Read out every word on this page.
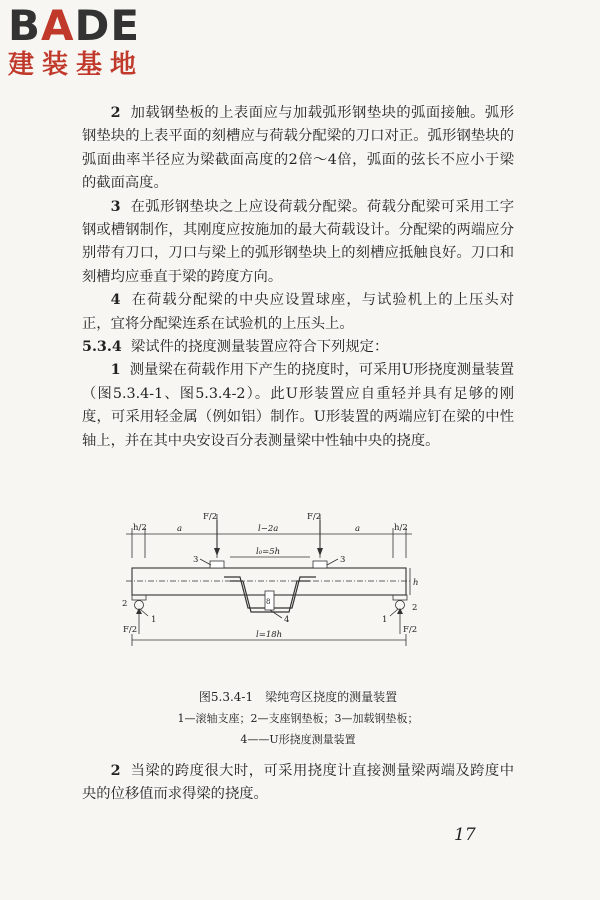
BADE
建装基地

2 加载钢垫板的上表面应与加载弧形钢垫块的弧面接触。弧形钢垫块的上表平面的刻槽应与荷载分配梁的刀口对正。弧形钢垫块的弧面曲率半径应为梁截面高度的2倍～4倍，弧面的弦长不应小于梁的截面高度。

3 在弧形钢垫块之上应设荷载分配梁。荷载分配梁可采用工字钢或槽钢制作，其刚度应按施加的最大荷载设计。分配梁的两端应分别带有刀口，刀口与梁上的弧形钢垫块上的刻槽应抵触良好。刀口和刻槽均应垂直于梁的跨度方向。

4 在荷载分配梁的中央应设置球座，与试验机上的上压头对正，宜将分配梁连系在试验机的上压头上。

5.3.4 梁试件的挠度测量装置应符合下列规定：

1 测量梁在荷载作用下产生的挠度时，可采用U形挠度测量装置（图5.3.4-1、图5.3.4-2）。此U形装置应自重轻并具有足够的刚度，可采用轻金属（例如铝）制作。U形装置的两端应钉在梁的中性轴上，并在其中央安设百分表测量梁中性轴中央的挠度。

F/2	F/2
h/2	h/2
a	a
l−2a
l₀=5h
h
3	3
2	2
1	1
4
8
F/2	F/2
l=18h
图5.3.4-1　梁纯弯区挠度的测量装置
1—滚轴支座；2—支座钢垫板；3—加载钢垫板；
4——U形挠度测量装置

2 当梁的跨度很大时，可采用挠度计直接测量梁两端及跨度中央的位移值而求得梁的挠度。

17
